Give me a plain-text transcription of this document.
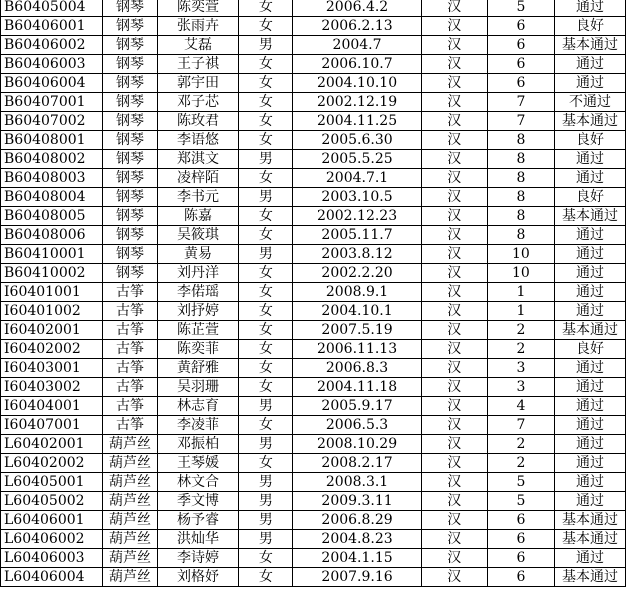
B60405004	钢琴	陈奕萱	女	2006.4.2	汉	5	通过
B60406001	钢琴	张雨卉	女	2006.2.13	汉	6	良好
B60406002	钢琴	艾磊	男	2004.7	汉	6	基本通过
B60406003	钢琴	王子祺	女	2006.10.7	汉	6	通过
B60406004	钢琴	郭宇田	女	2004.10.10	汉	6	通过
B60407001	钢琴	邓子芯	女	2002.12.19	汉	7	不通过
B60407002	钢琴	陈玫君	女	2004.11.25	汉	7	基本通过
B60408001	钢琴	李语悠	女	2005.6.30	汉	8	良好
B60408002	钢琴	郑淇文	男	2005.5.25	汉	8	通过
B60408003	钢琴	凌梓陌	女	2004.7.1	汉	8	通过
B60408004	钢琴	李书元	男	2003.10.5	汉	8	良好
B60408005	钢琴	陈嘉	女	2002.12.23	汉	8	基本通过
B60408006	钢琴	吴筱琪	女	2005.11.7	汉	8	通过
B60410001	钢琴	黄易	男	2003.8.12	汉	10	通过
B60410002	钢琴	刘丹洋	女	2002.2.20	汉	10	通过
I60401001	古筝	李偌瑶	女	2008.9.1	汉	1	通过
I60401002	古筝	刘抒婷	女	2004.10.1	汉	1	通过
I60402001	古筝	陈芷萱	女	2007.5.19	汉	2	基本通过
I60402002	古筝	陈奕菲	女	2006.11.13	汉	2	良好
I60403001	古筝	黄舒雅	女	2006.8.3	汉	3	通过
I60403002	古筝	吴羽珊	女	2004.11.18	汉	3	通过
I60404001	古筝	林志育	男	2005.9.17	汉	4	通过
I60407001	古筝	李凌菲	女	2006.5.3	汉	7	通过
L60402001	葫芦丝	邓振柏	男	2008.10.29	汉	2	通过
L60402002	葫芦丝	王琴媛	女	2008.2.17	汉	2	通过
L60405001	葫芦丝	林文合	男	2008.3.1	汉	5	通过
L60405002	葫芦丝	季文博	男	2009.3.11	汉	5	通过
L60406001	葫芦丝	杨予睿	男	2006.8.29	汉	6	基本通过
L60406002	葫芦丝	洪灿华	男	2004.8.23	汉	6	基本通过
L60406003	葫芦丝	李诗婷	女	2004.1.15	汉	6	通过
L60406004	葫芦丝	刘格妤	女	2007.9.16	汉	6	基本通过
